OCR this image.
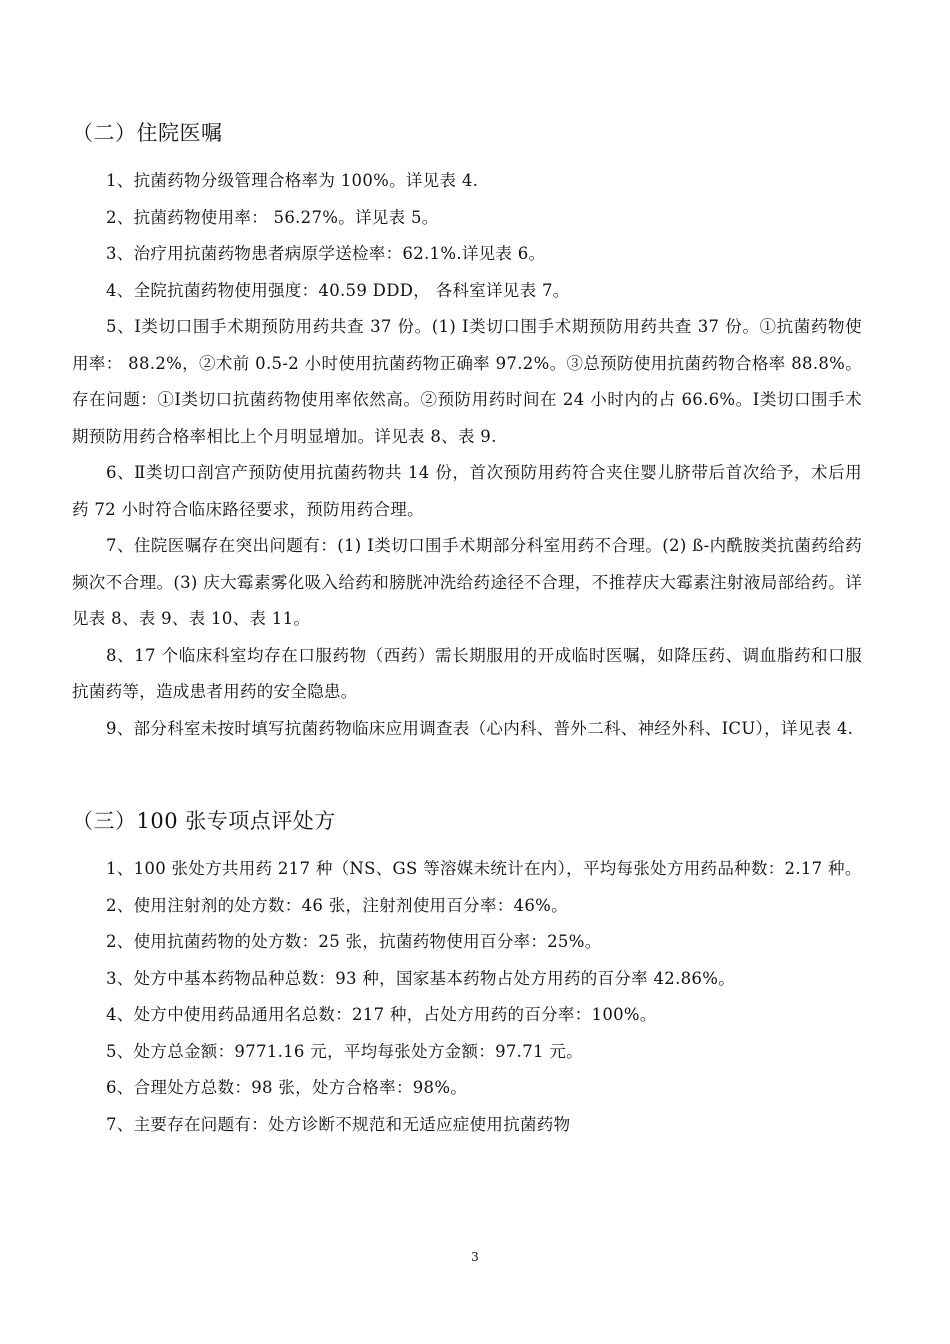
（二）住院医嘱

1、抗菌药物分级管理合格率为 100%。详见表 4.

2、抗菌药物使用率： 56.27%。详见表 5。

3、治疗用抗菌药物患者病原学送检率：62.1%.详见表 6。

4、全院抗菌药物使用强度：40.59 DDD， 各科室详见表 7。

5、Ⅰ类切口围手术期预防用药共查 37 份。(1) Ⅰ类切口围手术期预防用药共查 37 份。①抗菌药物使用率： 88.2%，②术前 0.5-2 小时使用抗菌药物正确率 97.2%。③总预防使用抗菌药物合格率 88.8%。存在问题：①Ⅰ类切口抗菌药物使用率依然高。②预防用药时间在 24 小时内的占 66.6%。Ⅰ类切口围手术期预防用药合格率相比上个月明显增加。详见表 8、表 9.

6、Ⅱ类切口剖宫产预防使用抗菌药物共 14 份，首次预防用药符合夹住婴儿脐带后首次给予，术后用药 72 小时符合临床路径要求，预防用药合理。

7、住院医嘱存在突出问题有：(1) Ⅰ类切口围手术期部分科室用药不合理。(2) ß-内酰胺类抗菌药给药频次不合理。(3) 庆大霉素雾化吸入给药和膀胱冲洗给药途径不合理，不推荐庆大霉素注射液局部给药。详见表 8、表 9、表 10、表 11。

8、17 个临床科室均存在口服药物（西药）需长期服用的开成临时医嘱，如降压药、调血脂药和口服抗菌药等，造成患者用药的安全隐患。

9、部分科室未按时填写抗菌药物临床应用调查表（心内科、普外二科、神经外科、ICU），详见表 4.

（三）100 张专项点评处方

1、100 张处方共用药 217 种（NS、GS 等溶媒未统计在内），平均每张处方用药品种数：2.17 种。

2、使用注射剂的处方数：46 张，注射剂使用百分率：46%。

2、使用抗菌药物的处方数：25 张，抗菌药物使用百分率：25%。

3、处方中基本药物品种总数：93 种，国家基本药物占处方用药的百分率 42.86%。

4、处方中使用药品通用名总数：217 种，占处方用药的百分率：100%。

5、处方总金额：9771.16 元，平均每张处方金额：97.71 元。

6、合理处方总数：98 张，处方合格率：98%。

7、主要存在问题有：处方诊断不规范和无适应症使用抗菌药物

3
